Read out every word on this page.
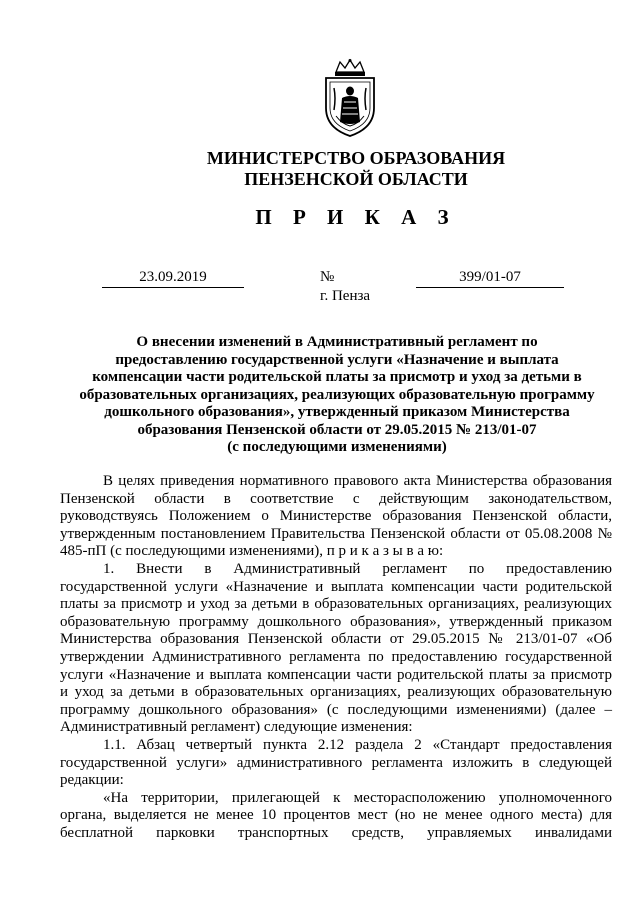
МИНИСТЕРСТВО ОБРАЗОВАНИЯ
ПЕНЗЕНСКОЙ ОБЛАСТИ
П Р И К А З
23.09.2019	№	399/01-07
г. Пенза
О внесении изменений в Административный регламент по
предоставлению государственной услуги «Назначение и выплата
компенсации части родительской платы за присмотр и уход за детьми в
образовательных организациях, реализующих образовательную программу
дошкольного образования», утвержденный приказом Министерства
образования Пензенской области от 29.05.2015 № 213/01-07
(с последующими изменениями)
В целях приведения нормативного правового акта Министерства образования
Пензенской области в соответствие с действующим законодательством,
руководствуясь Положением о Министерстве образования Пензенской области,
утвержденным постановлением Правительства Пензенской области от 05.08.2008 №
485-пП (с последующими изменениями), п р и к а з ы в а ю:
1. Внести в Административный регламент по предоставлению
государственной услуги «Назначение и выплата компенсации части родительской
платы за присмотр и уход за детьми в образовательных организациях, реализующих
образовательную программу дошкольного образования», утвержденный приказом
Министерства образования Пензенской области от 29.05.2015 № 213/01-07 «Об
утверждении Административного регламента по предоставлению государственной
услуги «Назначение и выплата компенсации части родительской платы за присмотр
и уход за детьми в образовательных организациях, реализующих образовательную
программу дошкольного образования» (с последующими изменениями) (далее –
Административный регламент) следующие изменения:
1.1. Абзац четвертый пункта 2.12 раздела 2 «Стандарт предоставления
государственной услуги» административного регламента изложить в следующей
редакции:
«На территории, прилегающей к месторасположению уполномоченного
органа, выделяется не менее 10 процентов мест (но не менее одного места) для
бесплатной парковки транспортных средств, управляемых инвалидами
